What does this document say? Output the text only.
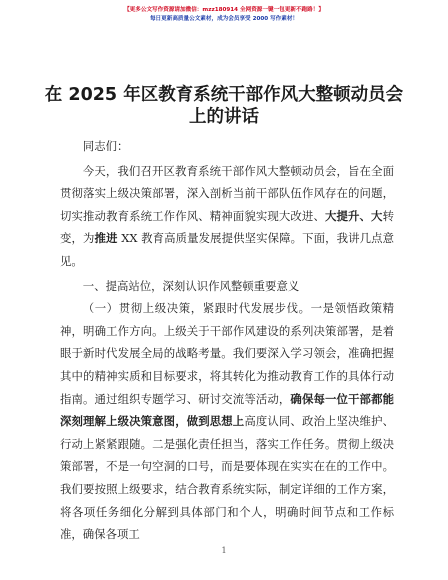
【更多公文写作资源请加微信：mzz180914 全网资源一键一包更新不跑路！】
每日更新高质量公文素材，成为会员享受 2000 写作素材！
在 2025 年区教育系统干部作风大整顿动员会上的讲话

同志们：

今天，我们召开区教育系统干部作风大整顿动员会，旨在全面贯彻落实上级决策部署，深入剖析当前干部队伍作风存在的问题，切实推动教育系统工作作风、精神面貌实现大改进、大提升、大转变，为推进 XX 教育高质量发展提供坚实保障。下面，我讲几点意见。

一、提高站位，深刻认识作风整顿重要意义

（一）贯彻上级决策，紧跟时代发展步伐。一是领悟政策精神，明确工作方向。上级关于干部作风建设的系列决策部署，是着眼于新时代发展全局的战略考量。我们要深入学习领会，准确把握其中的精神实质和目标要求，将其转化为推动教育工作的具体行动指南。通过组织专题学习、研讨交流等活动，确保每一位干部都能深刻理解上级决策意图，做到思想上高度认同、政治上坚决维护、行动上紧紧跟随。二是强化责任担当，落实工作任务。贯彻上级决策部署，不是一句空洞的口号，而是要体现在实实在在的工作中。我们要按照上级要求，结合教育系统实际，制定详细的工作方案，将各项任务细化分解到具体部门和个人，明确时间节点和工作标准，确保各项工

1
